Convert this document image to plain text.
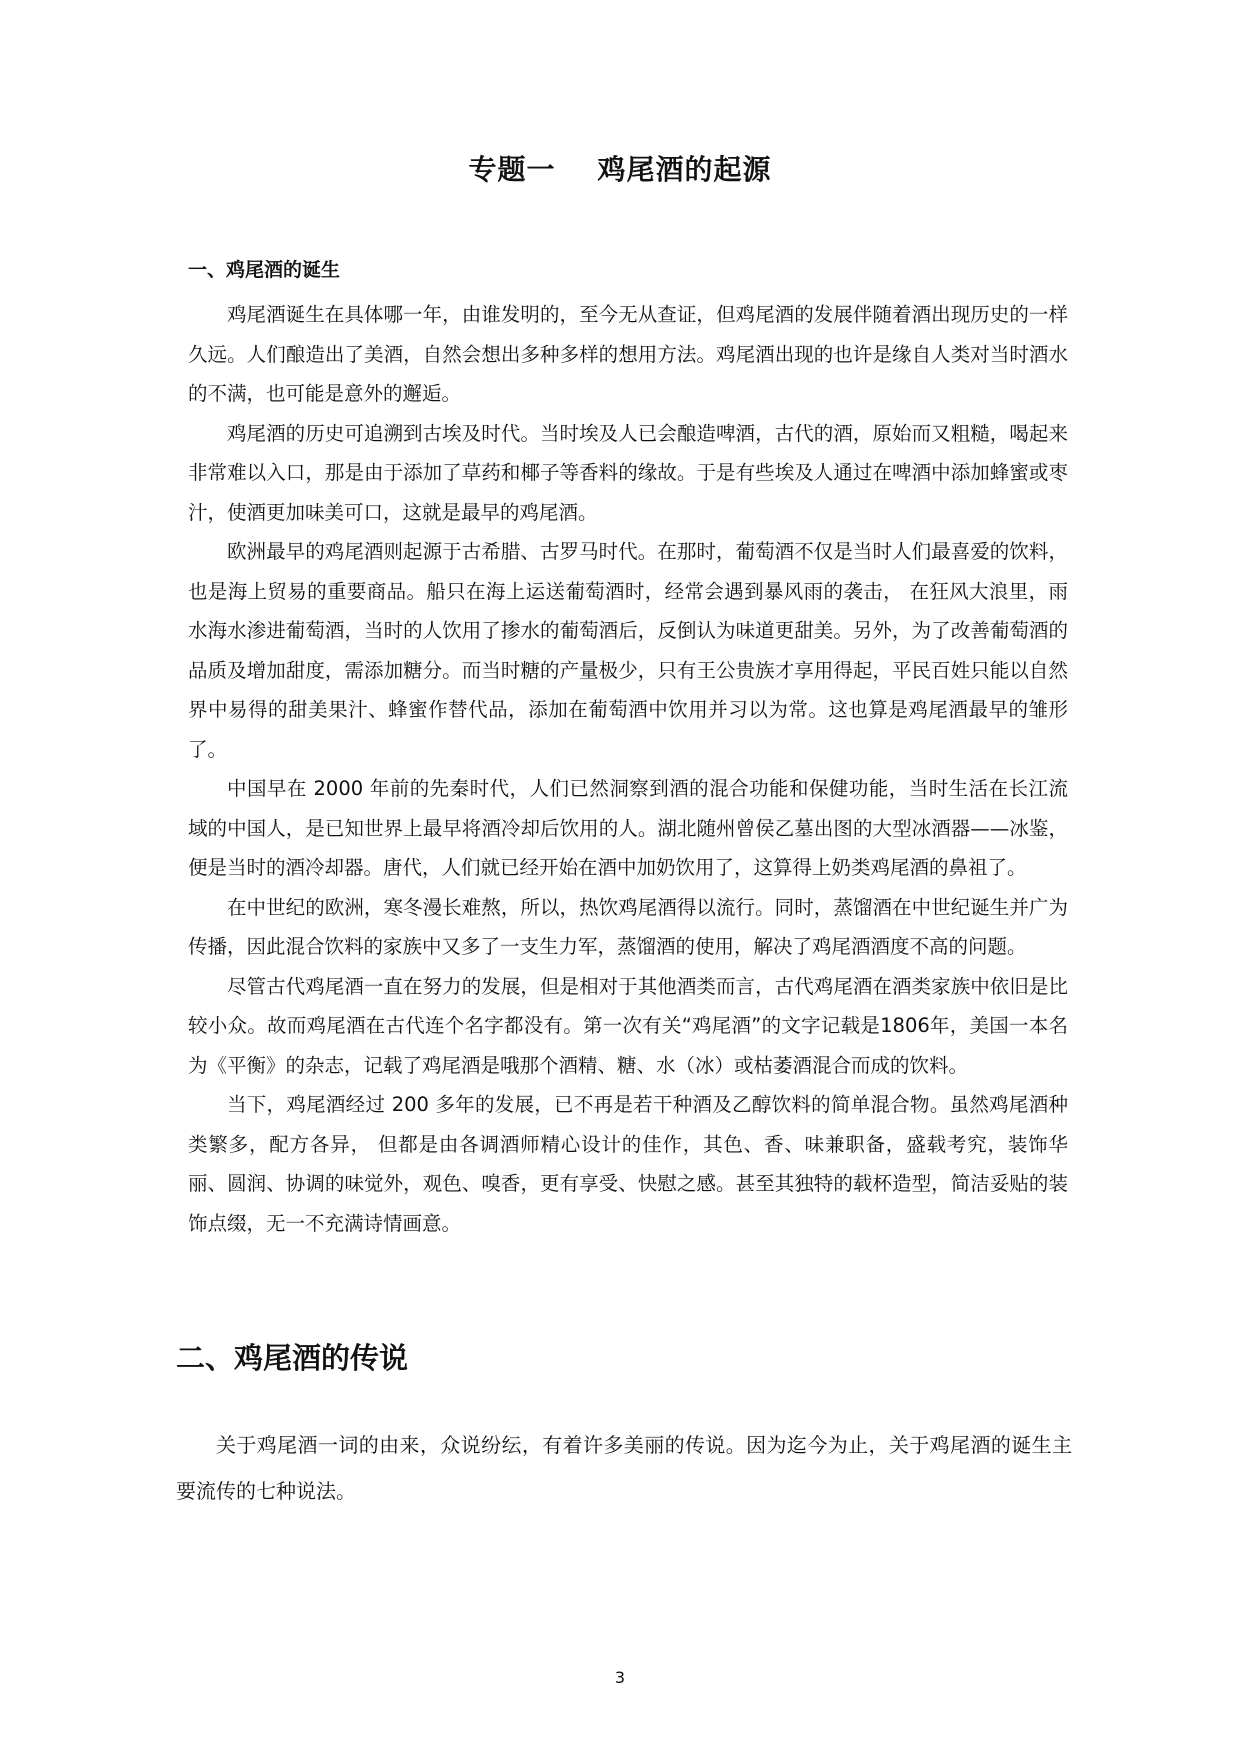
专题一 鸡尾酒的起源
一、鸡尾酒的诞生

鸡尾酒诞生在具体哪一年，由谁发明的，至今无从查证，但鸡尾酒的发展伴随着酒出现历史的一样久远。人们酿造出了美酒，自然会想出多种多样的想用方法。鸡尾酒出现的也许是缘自人类对当时酒水的不满，也可能是意外的邂逅。

鸡尾酒的历史可追溯到古埃及时代。当时埃及人已会酿造啤酒，古代的酒，原始而又粗糙，喝起来非常难以入口，那是由于添加了草药和椰子等香料的缘故。于是有些埃及人通过在啤酒中添加蜂蜜或枣汁，使酒更加味美可口，这就是最早的鸡尾酒。

欧洲最早的鸡尾酒则起源于古希腊、古罗马时代。在那时，葡萄酒不仅是当时人们最喜爱的饮料，也是海上贸易的重要商品。船只在海上运送葡萄酒时，经常会遇到暴风雨的袭击， 在狂风大浪里，雨水海水渗进葡萄酒，当时的人饮用了掺水的葡萄酒后，反倒认为味道更甜美。另外，为了改善葡萄酒的品质及增加甜度，需添加糖分。而当时糖的产量极少，只有王公贵族才享用得起，平民百姓只能以自然界中易得的甜美果汁、蜂蜜作替代品，添加在葡萄酒中饮用并习以为常。这也算是鸡尾酒最早的雏形了。

中国早在 2000 年前的先秦时代，人们已然洞察到酒的混合功能和保健功能，当时生活在长江流域的中国人，是已知世界上最早将酒冷却后饮用的人。湖北随州曾侯乙墓出图的大型冰酒器——冰鉴，便是当时的酒冷却器。唐代，人们就已经开始在酒中加奶饮用了，这算得上奶类鸡尾酒的鼻祖了。

在中世纪的欧洲，寒冬漫长难熬，所以，热饮鸡尾酒得以流行。同时，蒸馏酒在中世纪诞生并广为传播，因此混合饮料的家族中又多了一支生力军，蒸馏酒的使用，解决了鸡尾酒酒度不高的问题。

尽管古代鸡尾酒一直在努力的发展，但是相对于其他酒类而言，古代鸡尾酒在酒类家族中依旧是比较小众。故而鸡尾酒在古代连个名字都没有。第一次有关“鸡尾酒”的文字记载是1806年，美国一本名为《平衡》的杂志，记载了鸡尾酒是哦那个酒精、糖、水（冰）或枯萎酒混合而成的饮料。

当下，鸡尾酒经过 200 多年的发展，已不再是若干种酒及乙醇饮料的简单混合物。虽然鸡尾酒种类繁多，配方各异， 但都是由各调酒师精心设计的佳作，其色、香、味兼职备，盛载考究，装饰华丽、圆润、协调的味觉外，观色、嗅香，更有享受、快慰之感。甚至其独特的载杯造型，简洁妥贴的装饰点缀，无一不充满诗情画意。

二、鸡尾酒的传说

关于鸡尾酒一词的由来，众说纷纭，有着许多美丽的传说。因为迄今为止，关于鸡尾酒的诞生主要流传的七种说法。

3
